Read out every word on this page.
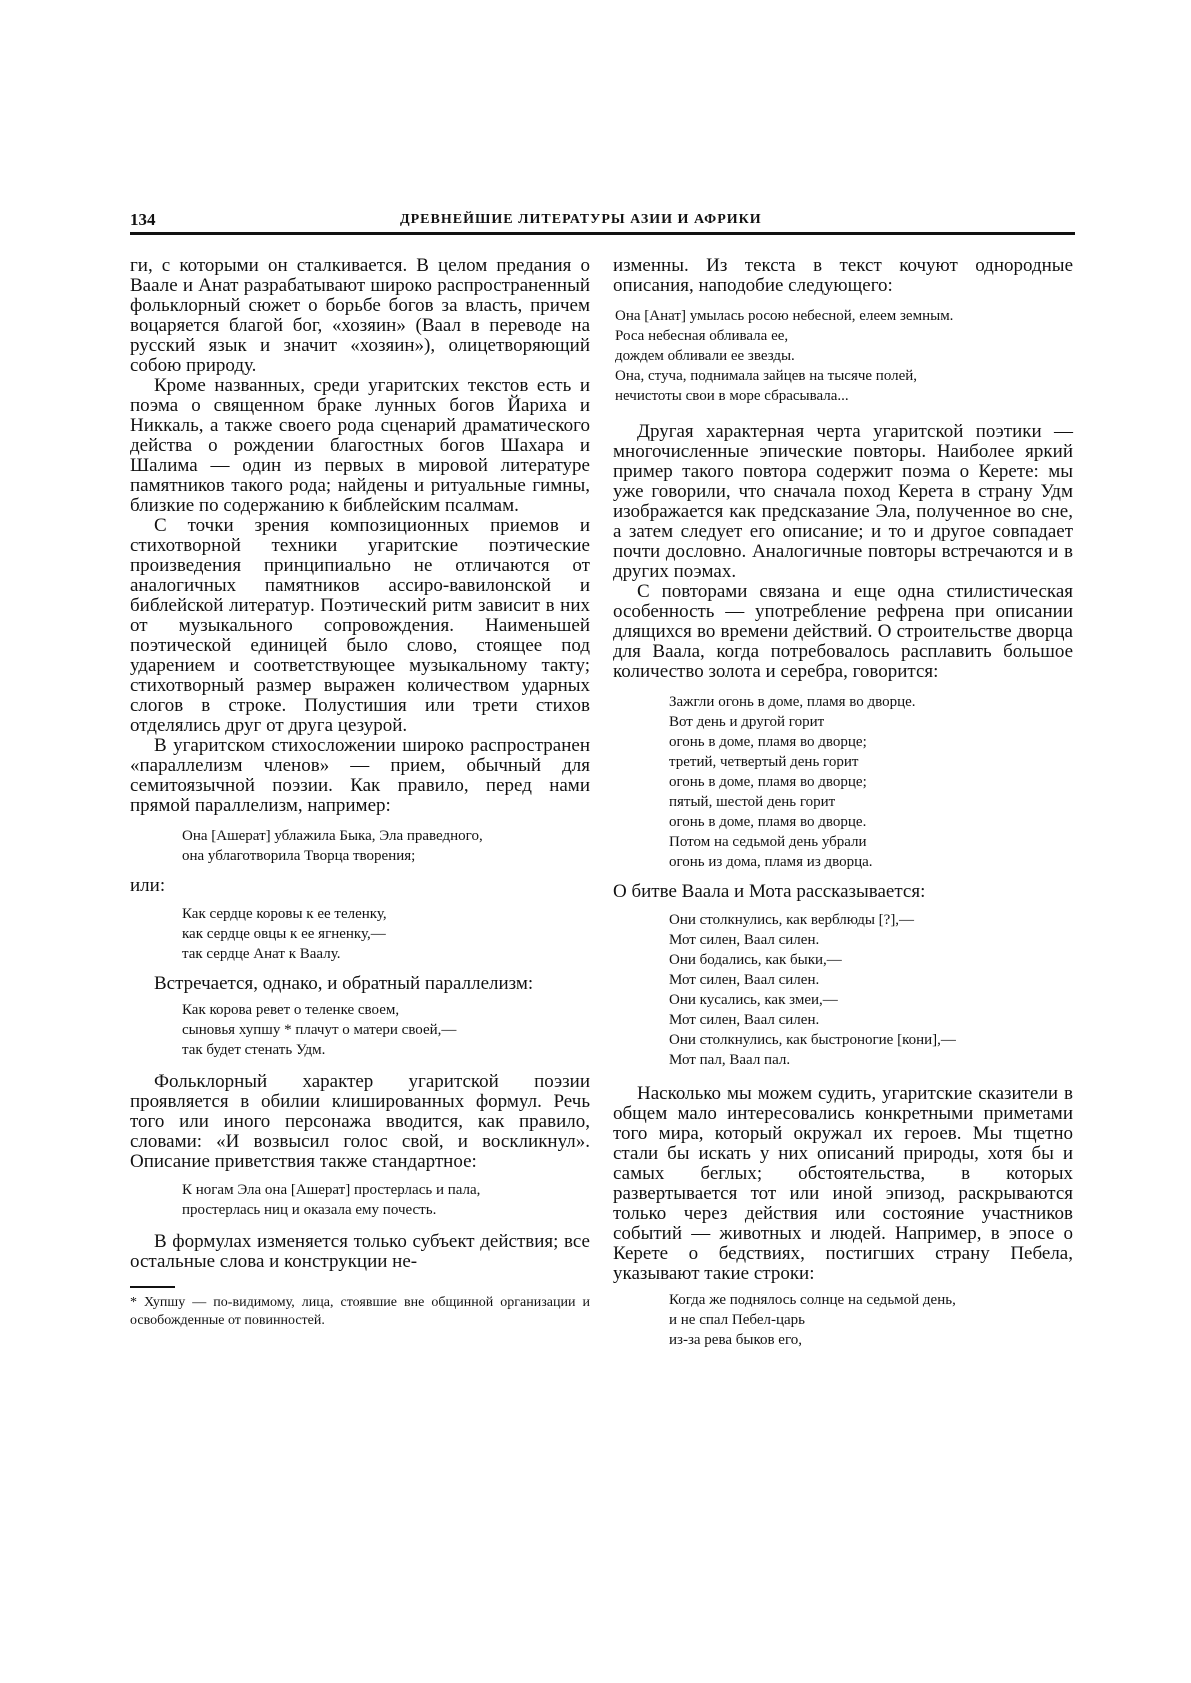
134	ДРЕВНЕЙШИЕ ЛИТЕРАТУРЫ АЗИИ И АФРИКИ

ги, с которыми он сталкивается. В целом предания о Ваале и Анат разрабатывают широко распространенный фольклорный сюжет о борьбе богов за власть, причем воцаряется благой бог, «хозяин» (Ваал в переводе на русский язык и значит «хозяин»), олицетворяющий собою природу.

Кроме названных, среди угаритских текстов есть и поэма о священном браке лунных богов Йариха и Никкаль, а также своего рода сценарий драматического действа о рождении благостных богов Шахара и Шалима — один из первых в мировой литературе памятников такого рода; найдены и ритуальные гимны, близкие по содержанию к библейским псалмам.

С точки зрения композиционных приемов и стихотворной техники угаритские поэтические произведения принципиально не отличаются от аналогичных памятников ассиро-вавилонской и библейской литератур. Поэтический ритм зависит в них от музыкального сопровождения. Наименьшей поэтической единицей было слово, стоящее под ударением и соответствующее музыкальному такту; стихотворный размер выражен количеством ударных слогов в строке. Полустишия или трети стихов отделялись друг от друга цезурой.

В угаритском стихосложении широко распространен «параллелизм членов» — прием, обычный для семитоязычной поэзии. Как правило, перед нами прямой параллелизм, например:

Она [Ашерат] ублажила Быка, Эла праведного,
она ублаготворила Творца творения;

или:

Как сердце коровы к ее теленку,
как сердце овцы к ее ягненку,—
так сердце Анат к Ваалу.

Встречается, однако, и обратный параллелизм:

Как корова ревет о теленке своем,
сыновья хупшу * плачут о матери своей,—
так будет стенать Удм.

Фольклорный характер угаритской поэзии проявляется в обилии клишированных формул. Речь того или иного персонажа вводится, как правило, словами: «И возвысил голос свой, и воскликнул». Описание приветствия также стандартное:

К ногам Эла она [Ашерат] простерлась и пала,
простерлась ниц и оказала ему почесть.

В формулах изменяется только субъект действия; все остальные слова и конструкции не-

* Хупшу — по-видимому, лица, стоявшие вне общинной организации и освобожденные от повинностей.

изменны. Из текста в текст кочуют однородные описания, наподобие следующего:

Она [Анат] умылась росою небесной, елеем земным.
Роса небесная обливала ее,
дождем обливали ее звезды.
Она, стуча, поднимала зайцев на тысяче полей,
нечистоты свои в море сбрасывала...

Другая характерная черта угаритской поэтики — многочисленные эпические повторы. Наиболее яркий пример такого повтора содержит поэма о Керете: мы уже говорили, что сначала поход Керета в страну Удм изображается как предсказание Эла, полученное во сне, а затем следует его описание; и то и другое совпадает почти дословно. Аналогичные повторы встречаются и в других поэмах.

С повторами связана и еще одна стилистическая особенность — употребление рефрена при описании длящихся во времени действий. О строительстве дворца для Ваала, когда потребовалось расплавить большое количество золота и серебра, говорится:

Зажгли огонь в доме, пламя во дворце.
Вот день и другой горит
огонь в доме, пламя во дворце;
третий, четвертый день горит
огонь в доме, пламя во дворце;
пятый, шестой день горит
огонь в доме, пламя во дворце.
Потом на седьмой день убрали
огонь из дома, пламя из дворца.

О битве Ваала и Мота рассказывается:

Они столкнулись, как верблюды [?],—
Мот силен, Ваал силен.
Они бодались, как быки,—
Мот силен, Ваал силен.
Они кусались, как змеи,—
Мот силен, Ваал силен.
Они столкнулись, как быстроногие [кони],—
Мот пал, Ваал пал.

Насколько мы можем судить, угаритские сказители в общем мало интересовались конкретными приметами того мира, который окружал их героев. Мы тщетно стали бы искать у них описаний природы, хотя бы и самых беглых; обстоятельства, в которых развертывается тот или иной эпизод, раскрываются только через действия или состояние участников событий — животных и людей. Например, в эпосе о Керете о бедствиях, постигших страну Пебела, указывают такие строки:

Когда же поднялось солнце на седьмой день,
и не спал Пебел-царь
из-за рева быков его,
